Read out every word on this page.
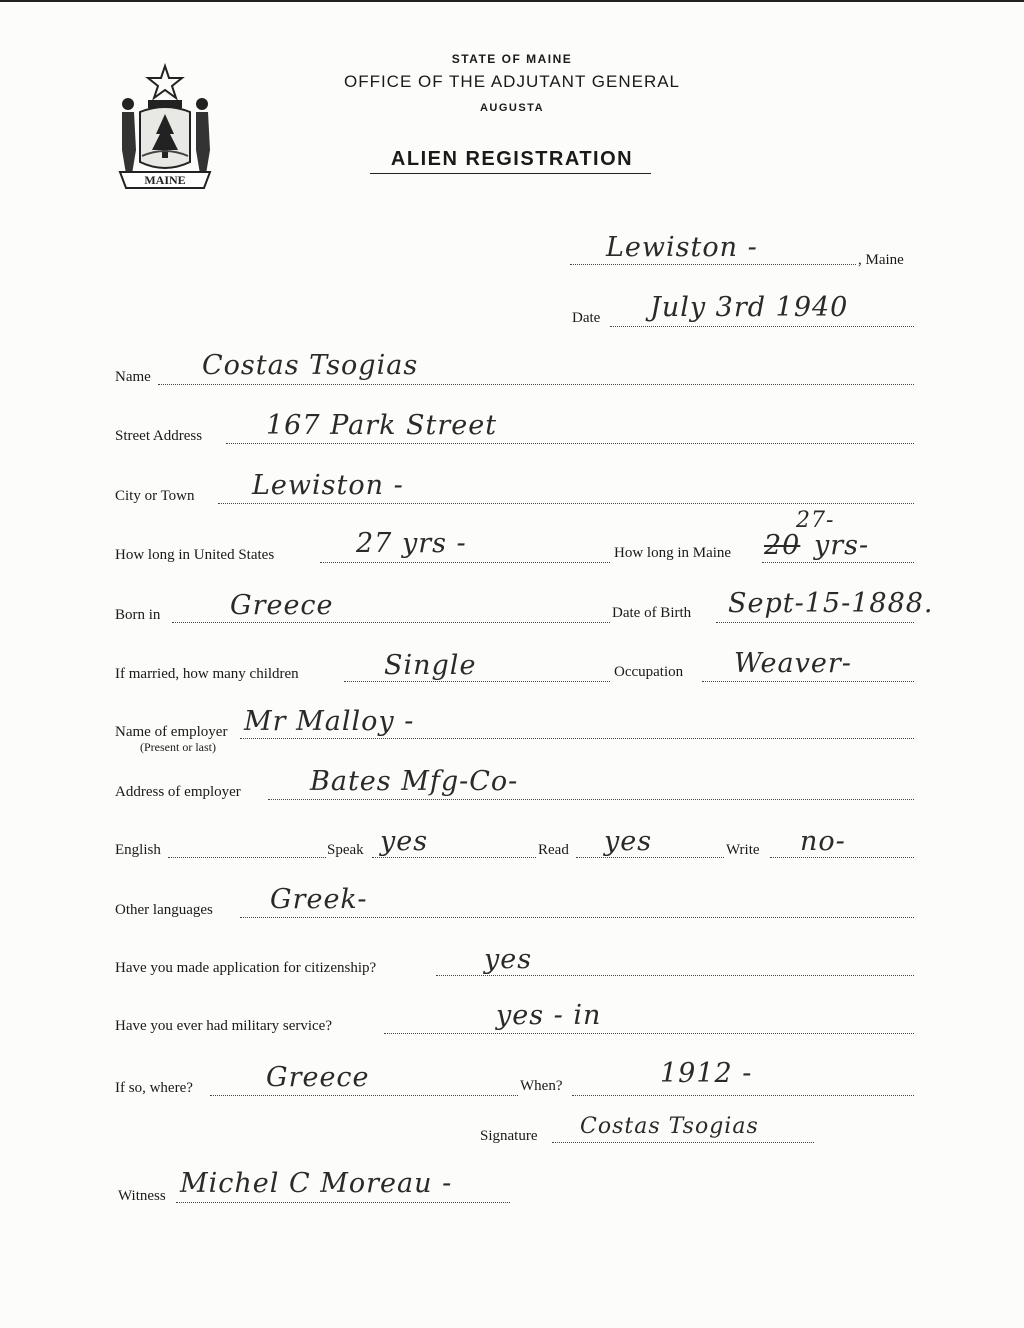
MAINE
STATE OF MAINE
OFFICE OF THE ADJUTANT GENERAL
AUGUSTA
ALIEN REGISTRATION
Lewiston -	, Maine
Date July 3rd 1940
Name Costas Tsogias
Street Address 167 Park Street
City or Town Lewiston -
How long in United States	27 yrs -	How long in Maine
27-
20 yrs-
Born in	Greece	Date of Birth Sept-15-1888.
If married, how many children	Single	Occupation Weaver-
Name of employer
(Present or last)
Mr Malloy -
Address of employer	Bates Mfg-Co-
English	Speak yes	Read yes	Write no-
Other languages Greek-
Have you made application for citizenship?	yes
Have you ever had military service?	yes - in
If so, where?	Greece	When?	1912 -
Signature Costas Tsogias
Witness Michel C Moreau -
